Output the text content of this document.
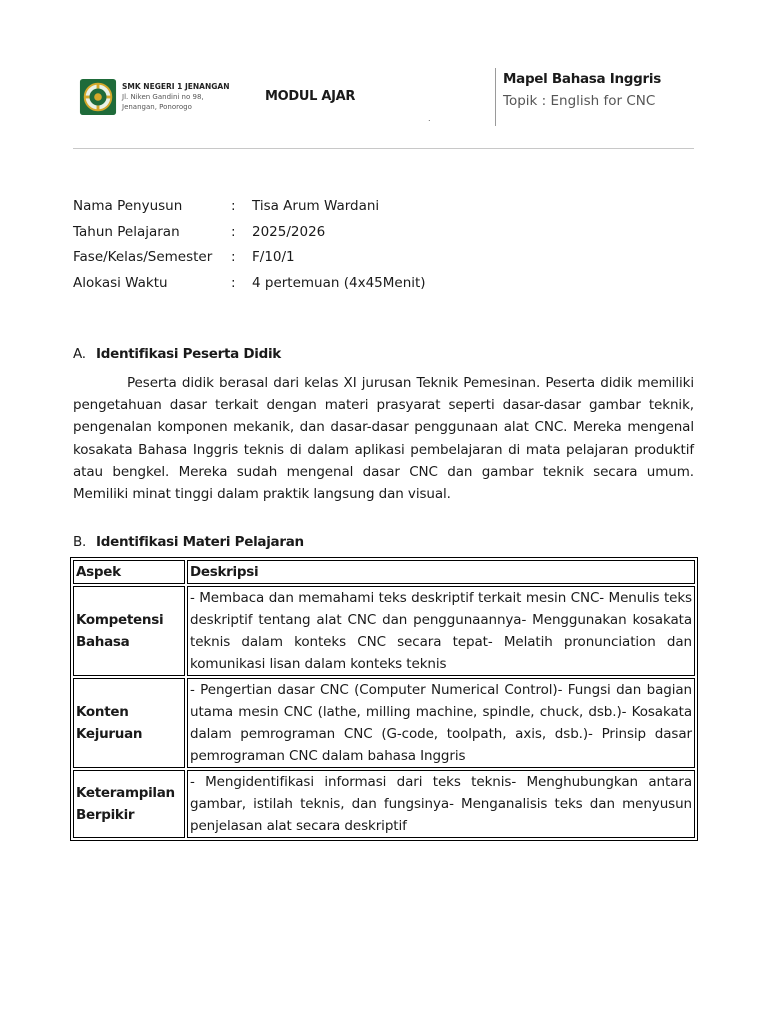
SMK NEGERI 1 JENANGAN
Jl. Niken Gandini no 98,
Jenangan, Ponorogo
MODUL AJAR
.
Mapel Bahasa Inggris
Topik : English for CNC
Nama Penyusun	: Tisa Arum Wardani
Tahun Pelajaran	: 2025/2026
Fase/Kelas/Semester : F/10/1
Alokasi Waktu	: 4 pertemuan (4x45Menit)
A. Identifikasi Peserta Didik
Peserta didik berasal dari kelas XI jurusan Teknik Pemesinan. Peserta didik memiliki pengetahuan dasar terkait dengan materi prasyarat seperti dasar-dasar gambar teknik, pengenalan komponen mekanik, dan dasar-dasar penggunaan alat CNC. Mereka mengenal kosakata Bahasa Inggris teknis di dalam aplikasi pembelajaran di mata pelajaran produktif atau bengkel. Mereka sudah mengenal dasar CNC dan gambar teknik secara umum. Memiliki minat tinggi dalam praktik langsung dan visual.
B. Identifikasi Materi Pelajaran
Aspek	Deskripsi
Kompetensi Bahasa	- Membaca dan memahami teks deskriptif terkait mesin CNC- Menulis teks deskriptif tentang alat CNC dan penggunaannya- Menggunakan kosakata teknis dalam konteks CNC secara tepat- Melatih pronunciation dan komunikasi lisan dalam konteks teknis
Konten Kejuruan	- Pengertian dasar CNC (Computer Numerical Control)- Fungsi dan bagian utama mesin CNC (lathe, milling machine, spindle, chuck, dsb.)- Kosakata dalam pemrograman CNC (G-code, toolpath, axis, dsb.)- Prinsip dasar pemrograman CNC dalam bahasa Inggris
Keterampilan Berpikir	- Mengidentifikasi informasi dari teks teknis- Menghubungkan antara gambar, istilah teknis, dan fungsinya- Menganalisis teks dan menyusun penjelasan alat secara deskriptif
